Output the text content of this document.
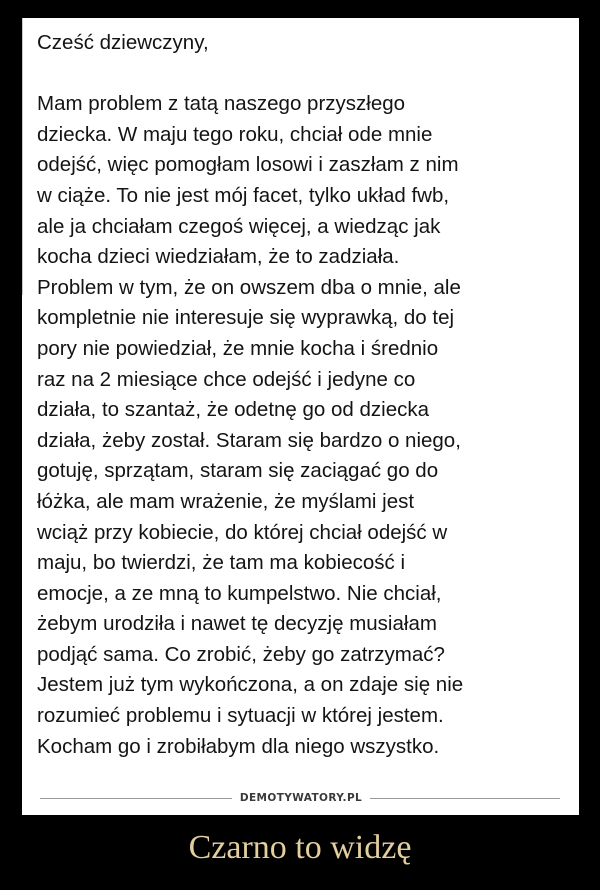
Cześć dziewczyny,
Mam problem z tatą naszego przyszłego
dziecka. W maju tego roku, chciał ode mnie
odejść, więc pomogłam losowi i zaszłam z nim
w ciąże. To nie jest mój facet, tylko układ fwb,
ale ja chciałam czegoś więcej, a wiedząc jak
kocha dzieci wiedziałam, że to zadziała.
Problem w tym, że on owszem dba o mnie, ale
kompletnie nie interesuje się wyprawką, do tej
pory nie powiedział, że mnie kocha i średnio
raz na 2 miesiące chce odejść i jedyne co
działa, to szantaż, że odetnę go od dziecka
działa, żeby został. Staram się bardzo o niego,
gotuję, sprzątam, staram się zaciągać go do
łóżka, ale mam wrażenie, że myślami jest
wciąż przy kobiecie, do której chciał odejść w
maju, bo twierdzi, że tam ma kobiecość i
emocje, a ze mną to kumpelstwo. Nie chciał,
żebym urodziła i nawet tę decyzję musiałam
podjąć sama. Co zrobić, żeby go zatrzymać?
Jestem już tym wykończona, a on zdaje się nie
rozumieć problemu i sytuacji w której jestem.
Kocham go i zrobiłabym dla niego wszystko.
DEMOTYWATORY.PL
Czarno to widzę
